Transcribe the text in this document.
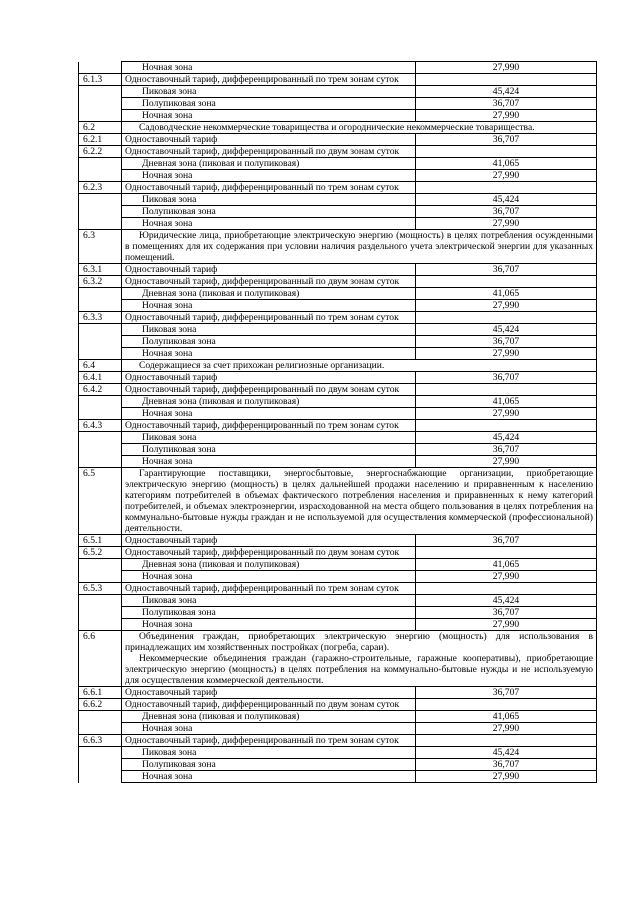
	Ночная зона	27,990
6.1.3	Одноставочный тариф, дифференцированный по трем зонам суток	
	Пиковая зона	45,424
	Полупиковая зона	36,707
	Ночная зона	27,990
6.2	Садоводческие некоммерческие товарищества и огороднические некоммерческие товарищества.	

6.2.1	Одноставочный тариф	36,707
6.2.2	Одноставочный тариф, дифференцированный по двум зонам суток	
	Дневная зона (пиковая и полупиковая)	41,065
	Ночная зона	27,990
6.2.3	Одноставочный тариф, дифференцированный по трем зонам суток	
	Пиковая зона	45,424
	Полупиковая зона	36,707
	Ночная зона	27,990
6.3	Юридические лица, приобретающие электрическую энергию (мощность) в целях потребления осужденными в помещениях для их содержания при условии наличия раздельного учета электрической энергии для указанных помещений.	

6.3.1	Одноставочный тариф	36,707
6.3.2	Одноставочный тариф, дифференцированный по двум зонам суток	
	Дневная зона (пиковая и полупиковая)	41,065
	Ночная зона	27,990
6.3.3	Одноставочный тариф, дифференцированный по трем зонам суток	
	Пиковая зона	45,424
	Полупиковая зона	36,707
	Ночная зона	27,990
6.4	Содержащиеся за счет прихожан религиозные организации.	

6.4.1	Одноставочный тариф	36,707
6.4.2	Одноставочный тариф, дифференцированный по двум зонам суток	
	Дневная зона (пиковая и полупиковая)	41,065
	Ночная зона	27,990
6.4.3	Одноставочный тариф, дифференцированный по трем зонам суток	
	Пиковая зона	45,424
	Полупиковая зона	36,707
	Ночная зона	27,990
6.5	Гарантирующие поставщики, энергосбытовые, энергоснабжающие организации, приобретающие электрическую энергию (мощность) в целях дальнейшей продажи населению и приравненным к населению категориям потребителей в объемах фактического потребления населения и приравненных к нему категорий потребителей, и объемах электроэнергии, израсходованной на места общего пользования в целях потребления на коммунально-бытовые нужды граждан и не используемой для осуществления коммерческой (профессиональной) деятельности.	

6.5.1	Одноставочный тариф	36,707
6.5.2	Одноставочный тариф, дифференцированный по двум зонам суток	
	Дневная зона (пиковая и полупиковая)	41,065
	Ночная зона	27,990
6.5.3	Одноставочный тариф, дифференцированный по трем зонам суток	
	Пиковая зона	45,424
	Полупиковая зона	36,707
	Ночная зона	27,990
6.6	Объединения граждан, приобретающих электрическую энергию (мощность) для использования в принадлежащих им хозяйственных постройках (погреба, сараи).

Некоммерческие объединения граждан (гаражно-строительные, гаражные кооперативы), приобретающие электрическую энергию (мощность) в целях потребления на коммунально-бытовые нужды и не используемую для осуществления коммерческой деятельности.	

6.6.1	Одноставочный тариф	36,707
6.6.2	Одноставочный тариф, дифференцированный по двум зонам суток	
	Дневная зона (пиковая и полупиковая)	41,065
	Ночная зона	27,990
6.6.3	Одноставочный тариф, дифференцированный по трем зонам суток	
	Пиковая зона	45,424
	Полупиковая зона	36,707
	Ночная зона	27,990
